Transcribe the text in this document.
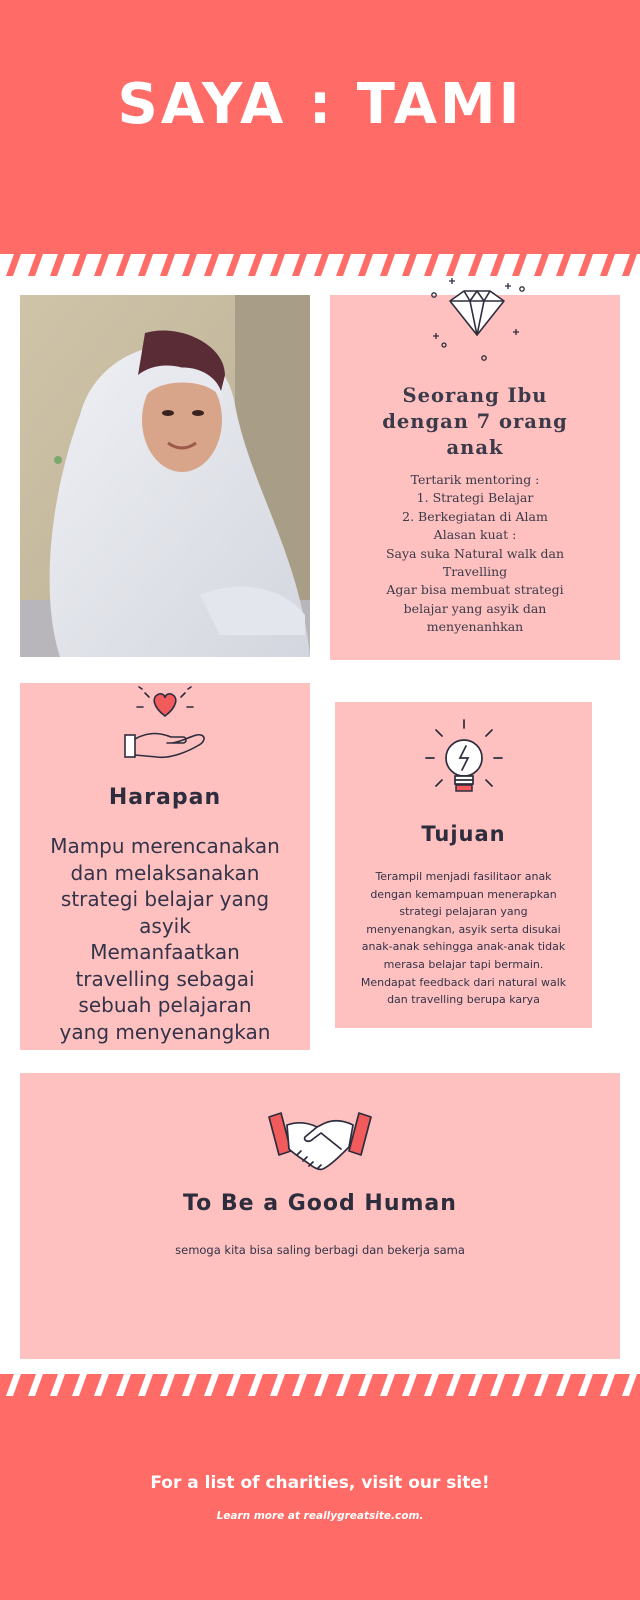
SAYA : TAMI
Seorang Ibu
dengan 7 orang
anak
Tertarik mentoring :
1. Strategi Belajar
2. Berkegiatan di Alam
Alasan kuat :
Saya suka Natural walk dan
Travelling
Agar bisa membuat strategi
belajar yang asyik dan
menyenanhkan
Harapan
Mampu merencanakan
dan melaksanakan
strategi belajar yang
asyik
Memanfaatkan
travelling sebagai
sebuah pelajaran
yang menyenangkan
Tujuan
Terampil menjadi fasilitaor anak
dengan kemampuan menerapkan
strategi pelajaran yang
menyenangkan, asyik serta disukai
anak-anak sehingga anak-anak tidak
merasa belajar tapi bermain.
Mendapat feedback dari natural walk
dan travelling berupa karya
To Be a Good Human
semoga kita bisa saling berbagi dan bekerja sama
For a list of charities, visit our site!
Learn more at reallygreatsite.com.
